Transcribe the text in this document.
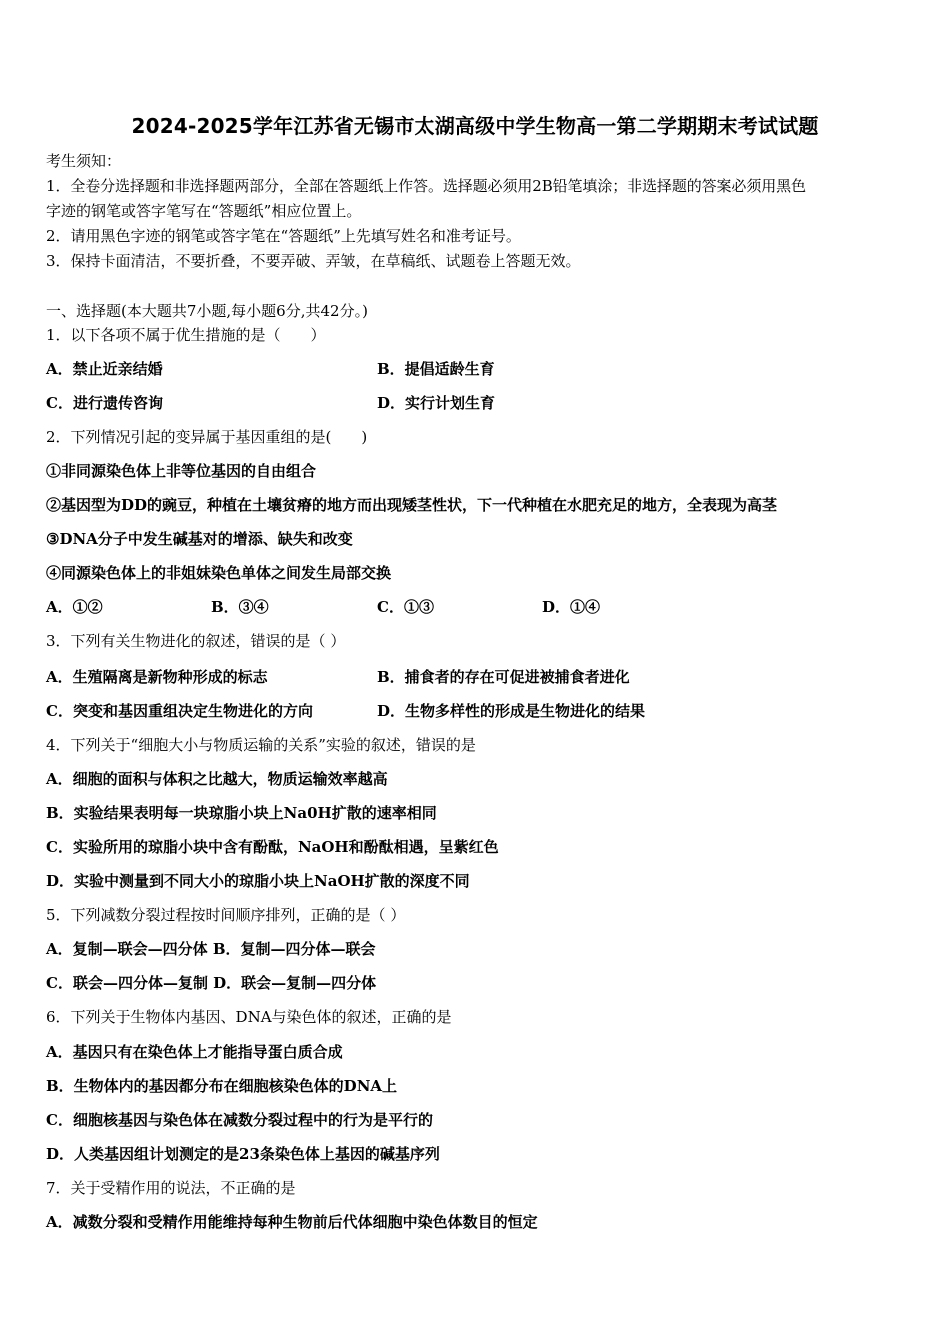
2024-2025学年江苏省无锡市太湖高级中学生物高一第二学期期末考试试题
考生须知：
1．全卷分选择题和非选择题两部分，全部在答题纸上作答。选择题必须用2B铅笔填涂；非选择题的答案必须用黑色
字迹的钢笔或答字笔写在“答题纸”相应位置上。
2．请用黑色字迹的钢笔或答字笔在“答题纸”上先填写姓名和准考证号。
3．保持卡面清洁，不要折叠，不要弄破、弄皱，在草稿纸、试题卷上答题无效。
一、选择题(本大题共7小题,每小题6分,共42分。)
1．以下各项不属于优生措施的是（　　）
A．禁止近亲结婚	B．提倡适龄生育
C．进行遗传咨询	D．实行计划生育
2．下列情况引起的变异属于基因重组的是(　　)
①非同源染色体上非等位基因的自由组合
②基因型为DD的豌豆，种植在土壤贫瘠的地方而出现矮茎性状，下一代种植在水肥充足的地方，全表现为高茎
③DNA分子中发生碱基对的增添、缺失和改变
④同源染色体上的非姐妹染色单体之间发生局部交换
A．①②	B．③④	C．①③	D．①④
3．下列有关生物进化的叙述，错误的是（ ）
A．生殖隔离是新物种形成的标志	B．捕食者的存在可促进被捕食者进化
C．突变和基因重组决定生物进化的方向	D．生物多样性的形成是生物进化的结果
4．下列关于“细胞大小与物质运输的关系”实验的叙述，错误的是
A．细胞的面积与体积之比越大，物质运输效率越高
B．实验结果表明每一块琼脂小块上Na0H扩散的速率相同
C．实验所用的琼脂小块中含有酚酞，NaOH和酚酞相遇，呈紫红色
D．实验中测量到不同大小的琼脂小块上NaOH扩散的深度不同
5．下列减数分裂过程按时间顺序排列，正确的是（ ）
A．复制—联会—四分体 B．复制—四分体—联会
C．联会—四分体—复制 D．联会—复制—四分体
6．下列关于生物体内基因、DNA与染色体的叙述，正确的是
A．基因只有在染色体上才能指导蛋白质合成
B．生物体内的基因都分布在细胞核染色体的DNA上
C．细胞核基因与染色体在减数分裂过程中的行为是平行的
D．人类基因组计划测定的是23条染色体上基因的碱基序列
7．关于受精作用的说法，不正确的是
A．减数分裂和受精作用能维持每种生物前后代体细胞中染色体数目的恒定
